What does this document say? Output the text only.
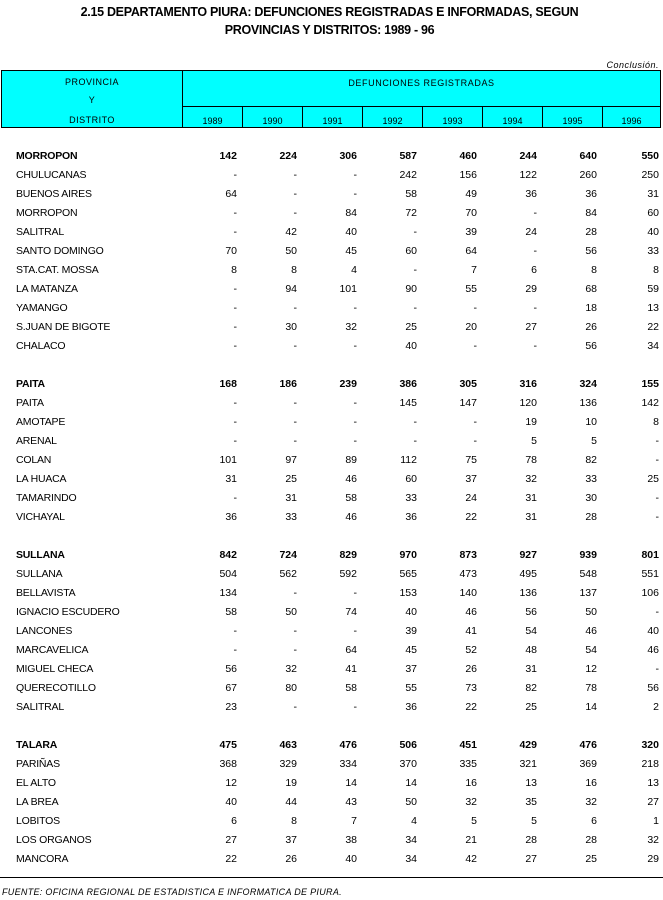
2.15 DEPARTAMENTO PIURA: DEFUNCIONES REGISTRADAS E INFORMADAS, SEGUN
PROVINCIAS Y DISTRITOS: 1989 - 96
Conclusión.
PROVINCIA
Y
DISTRITO
DEFUNCIONES REGISTRADAS
1989	1990	1991	1992	1993	1994	1995	1996
MORROPON	142	224	306	587	460	244	640	550
CHULUCANAS	-	-	-	242	156	122	260	250
BUENOS AIRES	64	-	-	58	49	36	36	31
MORROPON	-	-	84	72	70	-	84	60
SALITRAL	-	42	40	-	39	24	28	40
SANTO DOMINGO	70	50	45	60	64	-	56	33
STA.CAT. MOSSA	8	8	4	-	7	6	8	8
LA MATANZA	-	94	101	90	55	29	68	59
YAMANGO	-	-	-	-	-	-	18	13
S.JUAN DE BIGOTE	-	30	32	25	20	27	26	22
CHALACO	-	-	-	40	-	-	56	34
PAITA	168	186	239	386	305	316	324	155
PAITA	-	-	-	145	147	120	136	142
AMOTAPE	-	-	-	-	-	19	10	8
ARENAL	-	-	-	-	-	5	5	-
COLAN	101	97	89	112	75	78	82	-
LA HUACA	31	25	46	60	37	32	33	25
TAMARINDO	-	31	58	33	24	31	30	-
VICHAYAL	36	33	46	36	22	31	28	-
SULLANA	842	724	829	970	873	927	939	801
SULLANA	504	562	592	565	473	495	548	551
BELLAVISTA	134	-	-	153	140	136	137	106
IGNACIO ESCUDERO	58	50	74	40	46	56	50	-
LANCONES	-	-	-	39	41	54	46	40
MARCAVELICA	-	-	64	45	52	48	54	46
MIGUEL CHECA	56	32	41	37	26	31	12	-
QUERECOTILLO	67	80	58	55	73	82	78	56
SALITRAL	23	-	-	36	22	25	14	2
TALARA	475	463	476	506	451	429	476	320
PARIÑAS	368	329	334	370	335	321	369	218
EL ALTO	12	19	14	14	16	13	16	13
LA BREA	40	44	43	50	32	35	32	27
LOBITOS	6	8	7	4	5	5	6	1
LOS ORGANOS	27	37	38	34	21	28	28	32
MANCORA	22	26	40	34	42	27	25	29
FUENTE: OFICINA REGIONAL DE ESTADISTICA E INFORMATICA DE PIURA.
